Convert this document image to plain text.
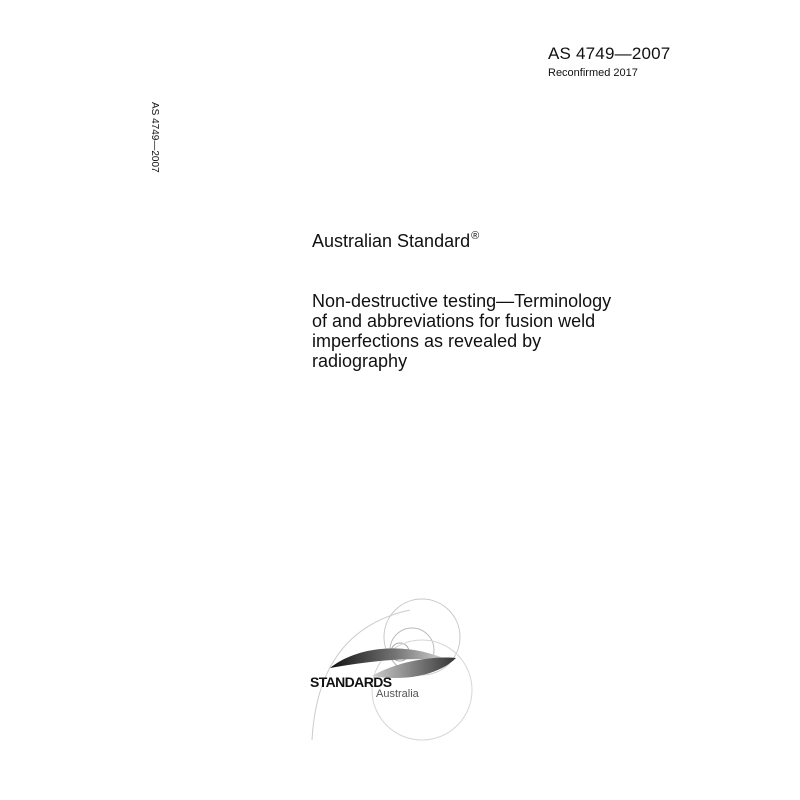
AS 4749—2007
Reconfirmed 2017
AS 4749—2007
Australian Standard®
Non-destructive testing—Terminology
of and abbreviations for fusion weld
imperfections as revealed by
radiography
STANDARDS
Australia
